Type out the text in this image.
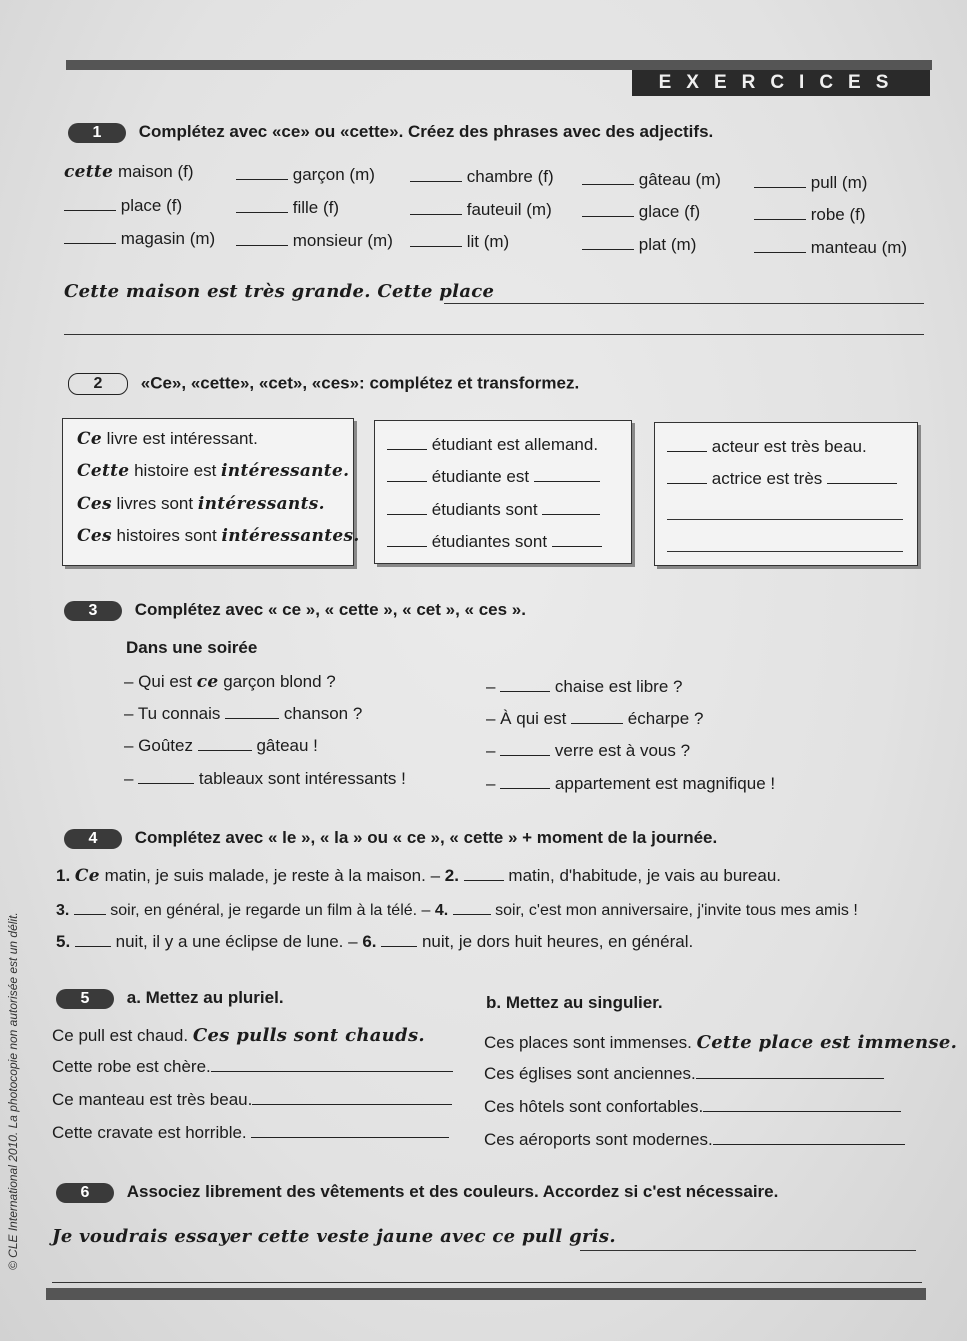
EXERCICES
1 Complétez avec «ce» ou «cette». Créez des phrases avec des adjectifs.
cette maison (f)	garçon (m)	chambre (f)	gâteau (m)	pull (m)
place (f)	fille (f)	fauteuil (m)	glace (f)	robe (f)
magasin (m)	monsieur (m)	lit (m)	plat (m)	manteau (m)
Cette maison est très grande. Cette place
2 «Ce», «cette», «cet», «ces»: complétez et transformez.
Ce livre est intéressant.
Cette histoire est intéressante.
Ces livres sont intéressants.
Ces histoires sont intéressantes.
étudiant est allemand.
étudiante est
étudiants sont
étudiantes sont
acteur est très beau.
actrice est très
3 Complétez avec « ce », « cette », « cet », « ces ».
Dans une soirée
– Qui est ce garçon blond ?
– Tu connais	chanson ?
– Goûtez	gâteau !
–	tableaux sont intéressants !
–	chaise est libre ?
– À qui est	écharpe ?
–	verre est à vous ?
–	appartement est magnifique !
4 Complétez avec « le », « la » ou « ce », « cette » + moment de la journée.
1. Ce matin, je suis malade, je reste à la maison. – 2.	matin, d'habitude, je vais au bureau.
3.  soir, en général, je regarde un film à la télé. – 4.	soir, c'est mon anniversaire, j'invite tous mes amis !
5.  nuit, il y a une éclipse de lune. – 6.  nuit, je dors huit heures, en général.
5 a. Mettez au pluriel.	b. Mettez au singulier.
Ce pull est chaud. Ces pulls sont chauds.
Cette robe est chère.
Ce manteau est très beau.
Cette cravate est horrible.
Ces places sont immenses. Cette place est immense.
Ces églises sont anciennes.
Ces hôtels sont confortables.
Ces aéroports sont modernes.
6 Associez librement des vêtements et des couleurs. Accordez si c'est nécessaire.
Je voudrais essayer cette veste jaune avec ce pull gris.
© CLE International 2010. La photocopie non autorisée est un délit.
